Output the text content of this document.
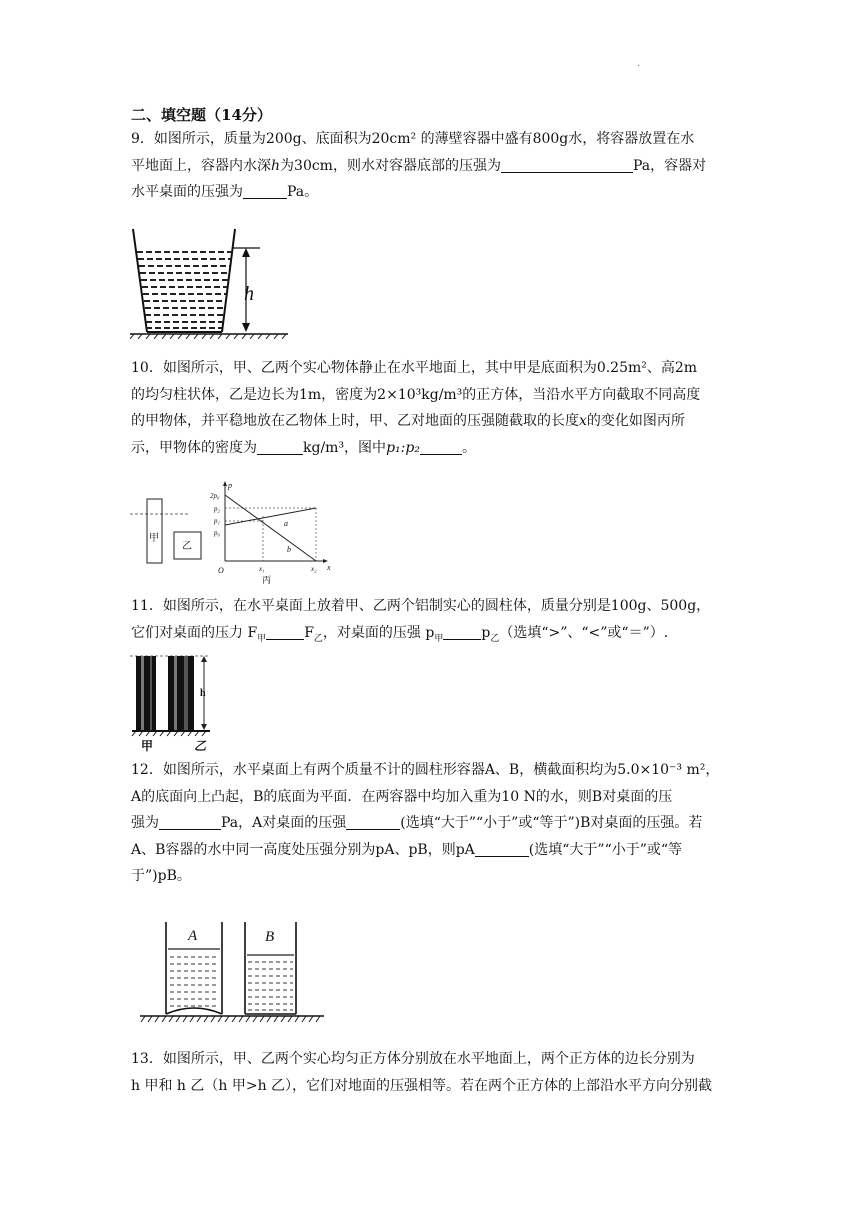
.
二、填空题（14分）
9．如图所示，质量为200g、底面积为20cm² 的薄壁容器中盛有800g水，将容器放置在水
平地面上，容器内水深h为30cm，则水对容器底部的压强为	Pa，容器对
水平桌面的压强为	Pa。
h
10．如图所示，甲、乙两个实心物体静止在水平地面上，其中甲是底面积为0.25m²、高2m
的均匀柱状体，乙是边长为1m，密度为2×10³kg/m³的正方体，当沿水平方向截取不同高度
的甲物体，并平稳地放在乙物体上时，甲、乙对地面的压强随截取的长度x的变化如图丙所
示，甲物体的密度为	kg/m³，图中p₁:p₂	。
甲
乙
p
x
O
2p₀
p₂
p₁
p₀
a
b
x₁	x₂
丙
11．如图所示，在水平桌面上放着甲、乙两个铝制实心的圆柱体，质量分别是100g、500g，
它们对桌面的压力 $F_甲$	$F_乙$，对桌面的压强 $p_甲$	$p_乙$（选填“>”、“<”或“＝”）.
h
甲	乙
12．如图所示，水平桌面上有两个质量不计的圆柱形容器A、B，横截面积均为5.0×10⁻³ m²，
A的底面向上凸起，B的底面为平面．在两容器中均加入重为10 N的水，则B对桌面的压
强为	Pa，A对桌面的压强	(选填“大于”“小于”或“等于”)B对桌面的压强。若
A、B容器的水中同一高度处压强分别为pA、pB，则pA	(选填“大于”“小于”或“等
于”)pB。
A	B
13．如图所示，甲、乙两个实心均匀正方体分别放在水平地面上，两个正方体的边长分别为
h 甲和 h 乙（h 甲>h 乙），它们对地面的压强相等。若在两个正方体的上部沿水平方向分别截
